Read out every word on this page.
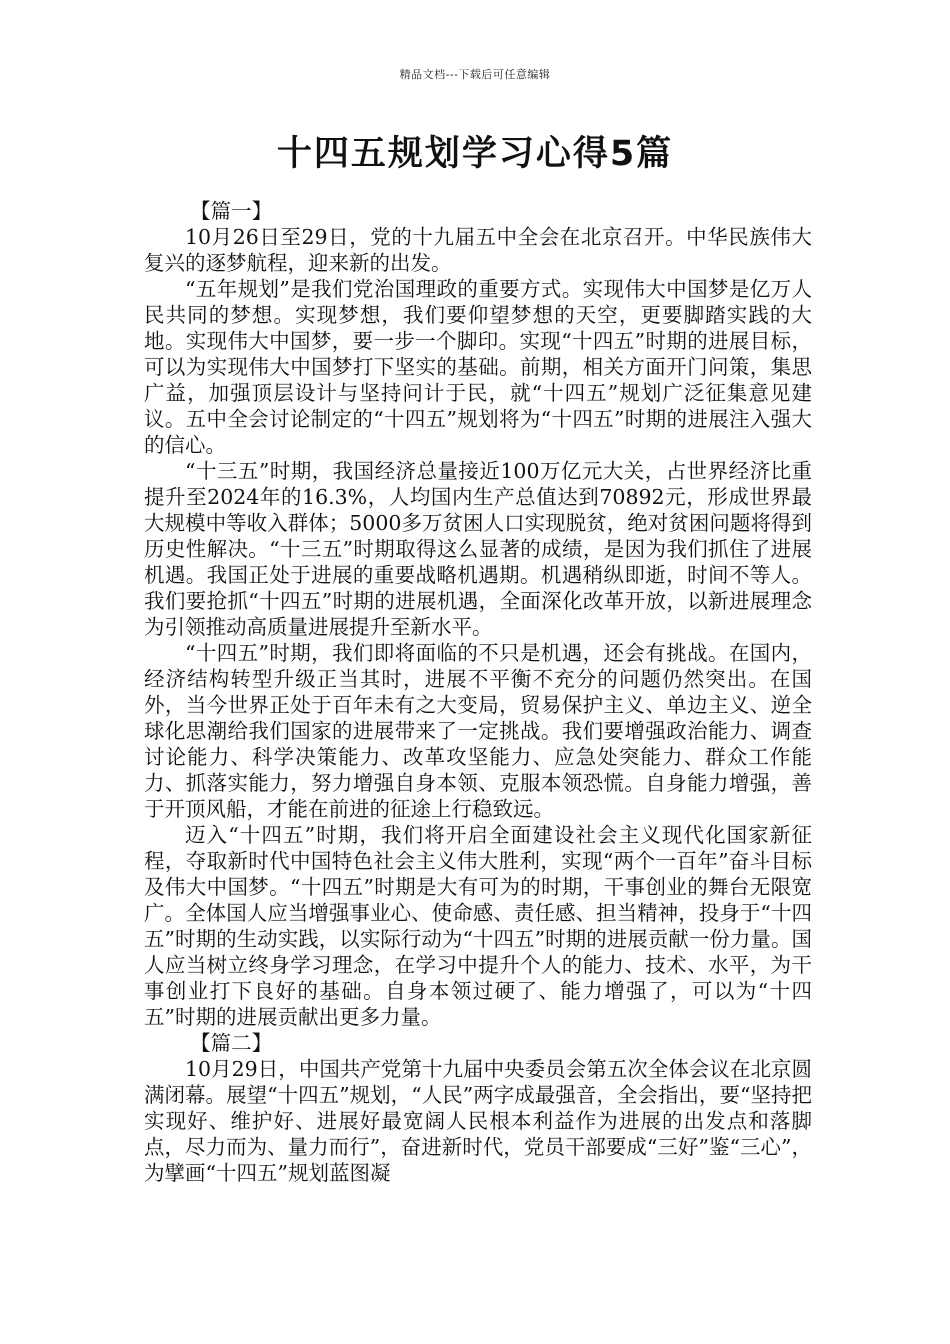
精品文档---下载后可任意编辑
十四五规划学习心得5篇
【篇一】

10月26日至29日，党的十九届五中全会在北京召开。中华民族伟大复兴的逐梦航程，迎来新的出发。

“五年规划”是我们党治国理政的重要方式。实现伟大中国梦是亿万人民共同的梦想。实现梦想，我们要仰望梦想的天空，更要脚踏实践的大地。实现伟大中国梦，要一步一个脚印。实现“十四五”时期的进展目标，可以为实现伟大中国梦打下坚实的基础。前期，相关方面开门问策，集思广益，加强顶层设计与坚持问计于民，就“十四五”规划广泛征集意见建议。五中全会讨论制定的“十四五”规划将为“十四五”时期的进展注入强大的信心。

“十三五”时期，我国经济总量接近100万亿元大关，占世界经济比重提升至2024年的16.3%，人均国内生产总值达到70892元，形成世界最大规模中等收入群体；5000多万贫困人口实现脱贫，绝对贫困问题将得到历史性解决。“十三五”时期取得这么显著的成绩，是因为我们抓住了进展机遇。我国正处于进展的重要战略机遇期。机遇稍纵即逝，时间不等人。我们要抢抓“十四五”时期的进展机遇，全面深化改革开放，以新进展理念为引领推动高质量进展提升至新水平。

“十四五”时期，我们即将面临的不只是机遇，还会有挑战。在国内，经济结构转型升级正当其时，进展不平衡不充分的问题仍然突出。在国外，当今世界正处于百年未有之大变局，贸易保护主义、单边主义、逆全球化思潮给我们国家的进展带来了一定挑战。我们要增强政治能力、调查讨论能力、科学决策能力、改革攻坚能力、应急处突能力、群众工作能力、抓落实能力，努力增强自身本领、克服本领恐慌。自身能力增强，善于开顶风船，才能在前进的征途上行稳致远。

迈入“十四五”时期，我们将开启全面建设社会主义现代化国家新征程，夺取新时代中国特色社会主义伟大胜利，实现“两个一百年”奋斗目标及伟大中国梦。“十四五”时期是大有可为的时期，干事创业的舞台无限宽广。全体国人应当增强事业心、使命感、责任感、担当精神，投身于“十四五”时期的生动实践，以实际行动为“十四五”时期的进展贡献一份力量。国人应当树立终身学习理念，在学习中提升个人的能力、技术、水平，为干事创业打下良好的基础。自身本领过硬了、能力增强了，可以为“十四五”时期的进展贡献出更多力量。

【篇二】

10月29日，中国共产党第十九届中央委员会第五次全体会议在北京圆满闭幕。展望“十四五”规划，“人民”两字成最强音，全会指出，要“坚持把实现好、维护好、进展好最宽阔人民根本利益作为进展的出发点和落脚点，尽力而为、量力而行”，奋进新时代，党员干部要成“三好”鉴“三心”，为擘画“十四五”规划蓝图凝
